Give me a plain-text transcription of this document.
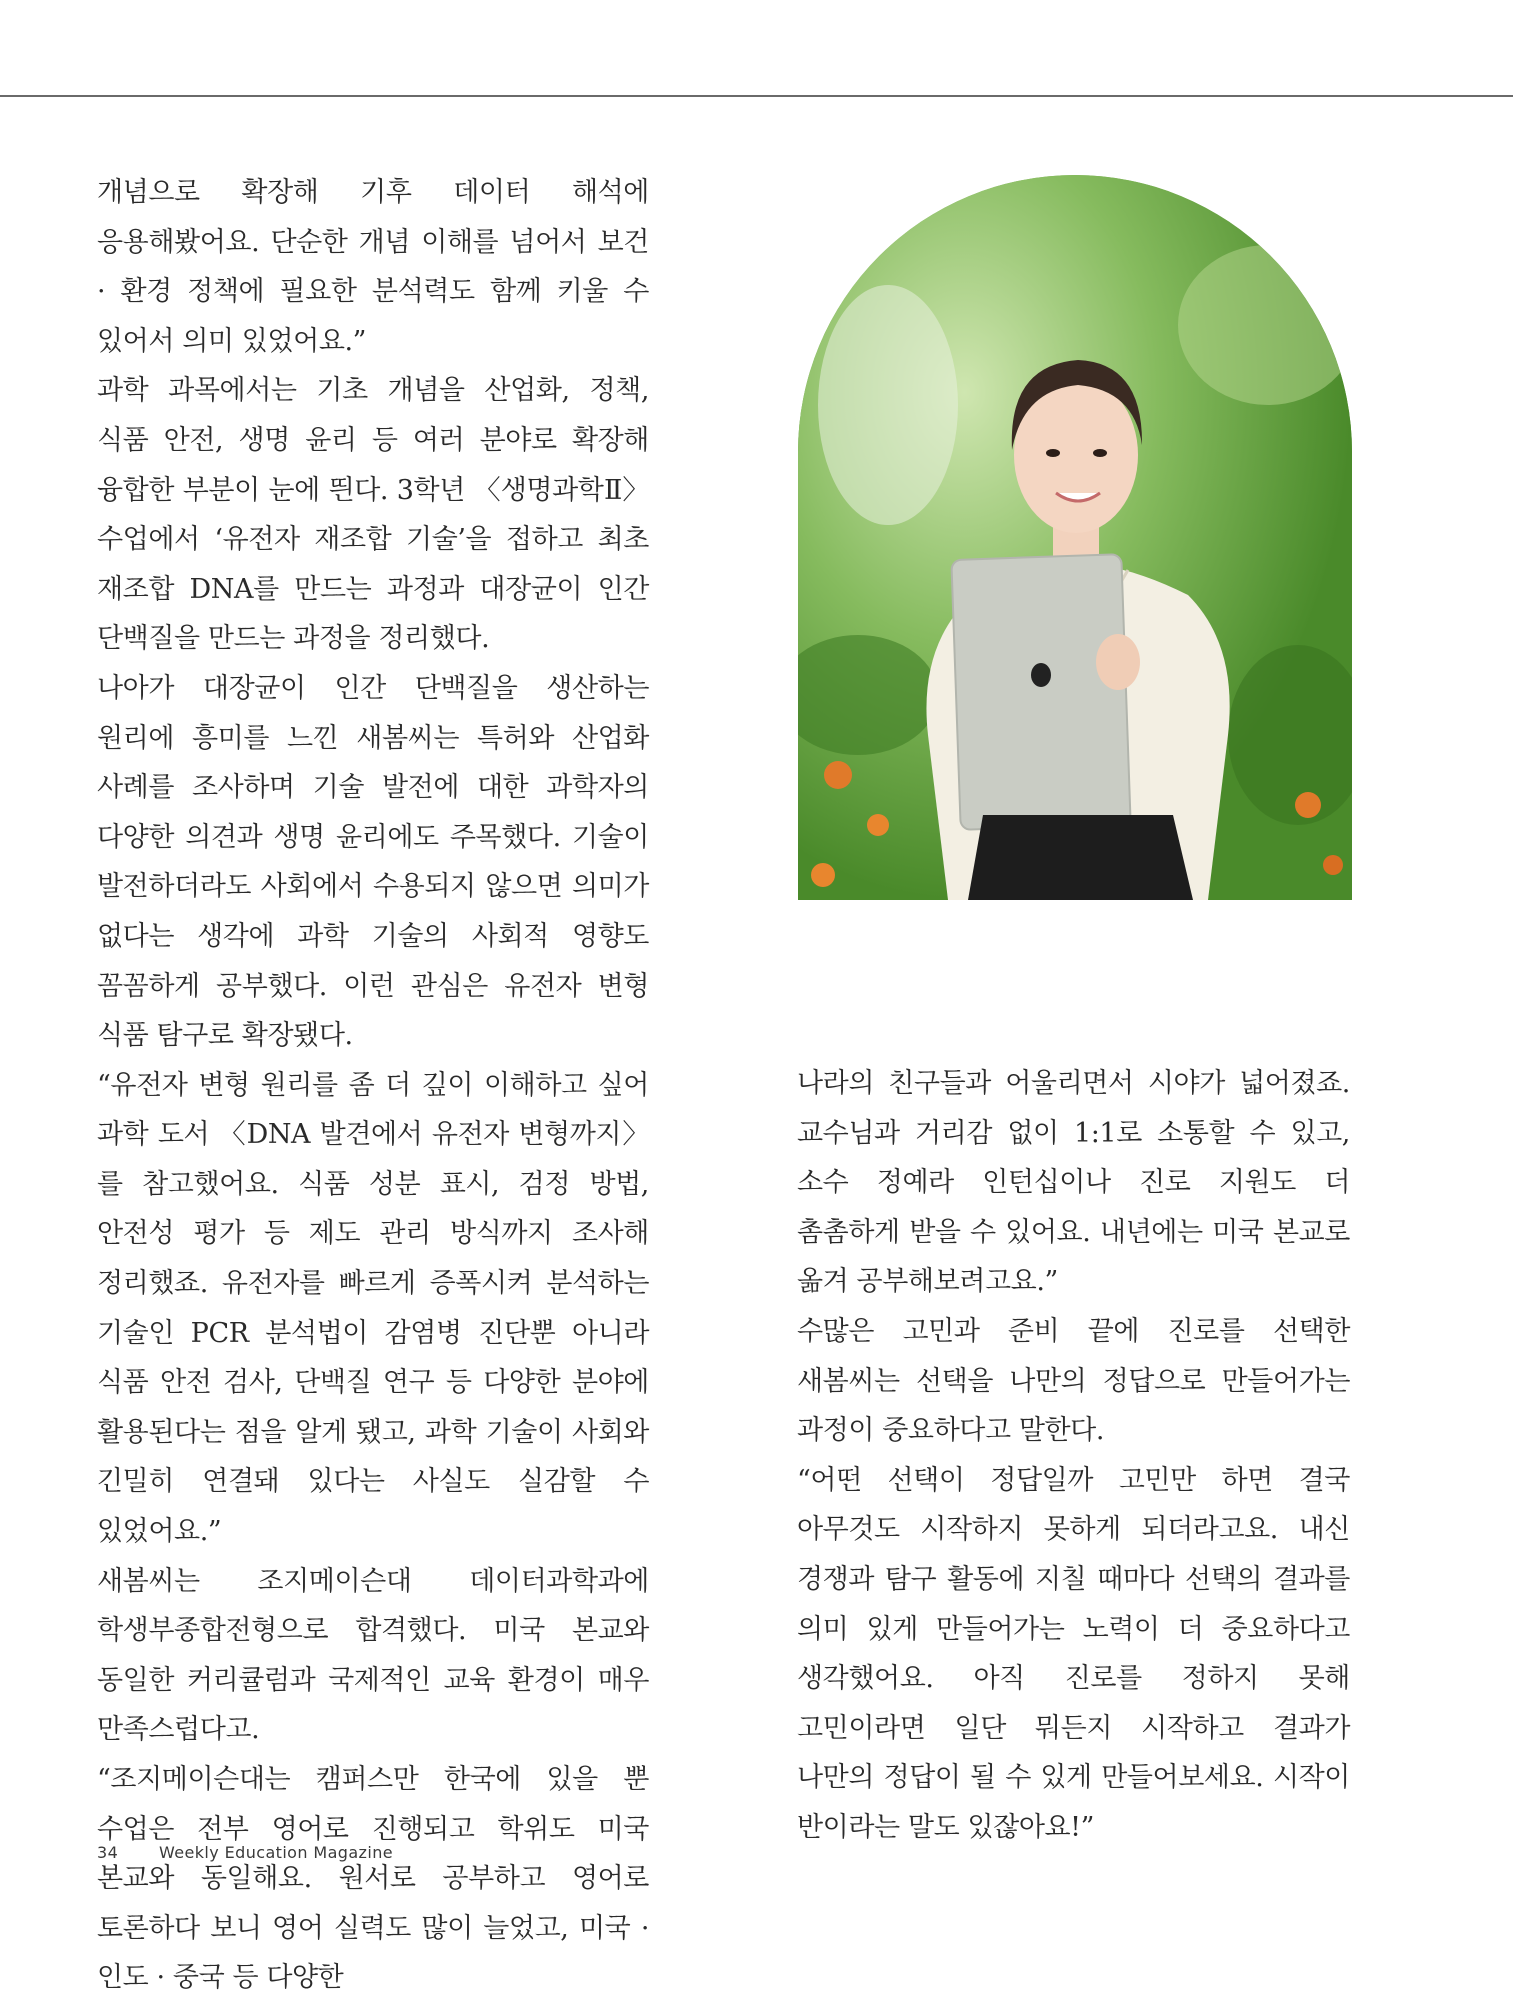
개념으로 확장해 기후 데이터 해석에 응용해봤어요. 단순한 개념 이해를 넘어서 보건 · 환경 정책에 필요한 분석력도 함께 키울 수 있어서 의미 있었어요.”

과학 과목에서는 기초 개념을 산업화, 정책, 식품 안전, 생명 윤리 등 여러 분야로 확장해 융합한 부분이 눈에 띈다. 3학년 〈생명과학Ⅱ〉 수업에서 ‘유전자 재조합 기술’을 접하고 최초 재조합 DNA를 만드는 과정과 대장균이 인간 단백질을 만드는 과정을 정리했다.

나아가 대장균이 인간 단백질을 생산하는 원리에 흥미를 느낀 새봄씨는 특허와 산업화 사례를 조사하며 기술 발전에 대한 과학자의 다양한 의견과 생명 윤리에도 주목했다. 기술이 발전하더라도 사회에서 수용되지 않으면 의미가 없다는 생각에 과학 기술의 사회적 영향도 꼼꼼하게 공부했다. 이런 관심은 유전자 변형 식품 탐구로 확장됐다.

“유전자 변형 원리를 좀 더 깊이 이해하고 싶어 과학 도서 〈DNA 발견에서 유전자 변형까지〉를 참고했어요. 식품 성분 표시, 검정 방법, 안전성 평가 등 제도 관리 방식까지 조사해 정리했죠. 유전자를 빠르게 증폭시켜 분석하는 기술인 PCR 분석법이 감염병 진단뿐 아니라 식품 안전 검사, 단백질 연구 등 다양한 분야에 활용된다는 점을 알게 됐고, 과학 기술이 사회와 긴밀히 연결돼 있다는 사실도 실감할 수 있었어요.”

새봄씨는 조지메이슨대 데이터과학과에 학생부종합전형으로 합격했다. 미국 본교와 동일한 커리큘럼과 국제적인 교육 환경이 매우 만족스럽다고.

“조지메이슨대는 캠퍼스만 한국에 있을 뿐 수업은 전부 영어로 진행되고 학위도 미국 본교와 동일해요. 원서로 공부하고 영어로 토론하다 보니 영어 실력도 많이 늘었고, 미국 · 인도 · 중국 등 다양한

나라의 친구들과 어울리면서 시야가 넓어졌죠. 교수님과 거리감 없이 1:1로 소통할 수 있고, 소수 정예라 인턴십이나 진로 지원도 더 촘촘하게 받을 수 있어요. 내년에는 미국 본교로 옮겨 공부해보려고요.”

수많은 고민과 준비 끝에 진로를 선택한 새봄씨는 선택을 나만의 정답으로 만들어가는 과정이 중요하다고 말한다.

“어떤 선택이 정답일까 고민만 하면 결국 아무것도 시작하지 못하게 되더라고요. 내신 경쟁과 탐구 활동에 지칠 때마다 선택의 결과를 의미 있게 만들어가는 노력이 더 중요하다고 생각했어요. 아직 진로를 정하지 못해 고민이라면 일단 뭐든지 시작하고 결과가 나만의 정답이 될 수 있게 만들어보세요. 시작이 반이라는 말도 있잖아요!”

34	Weekly Education Magazine
